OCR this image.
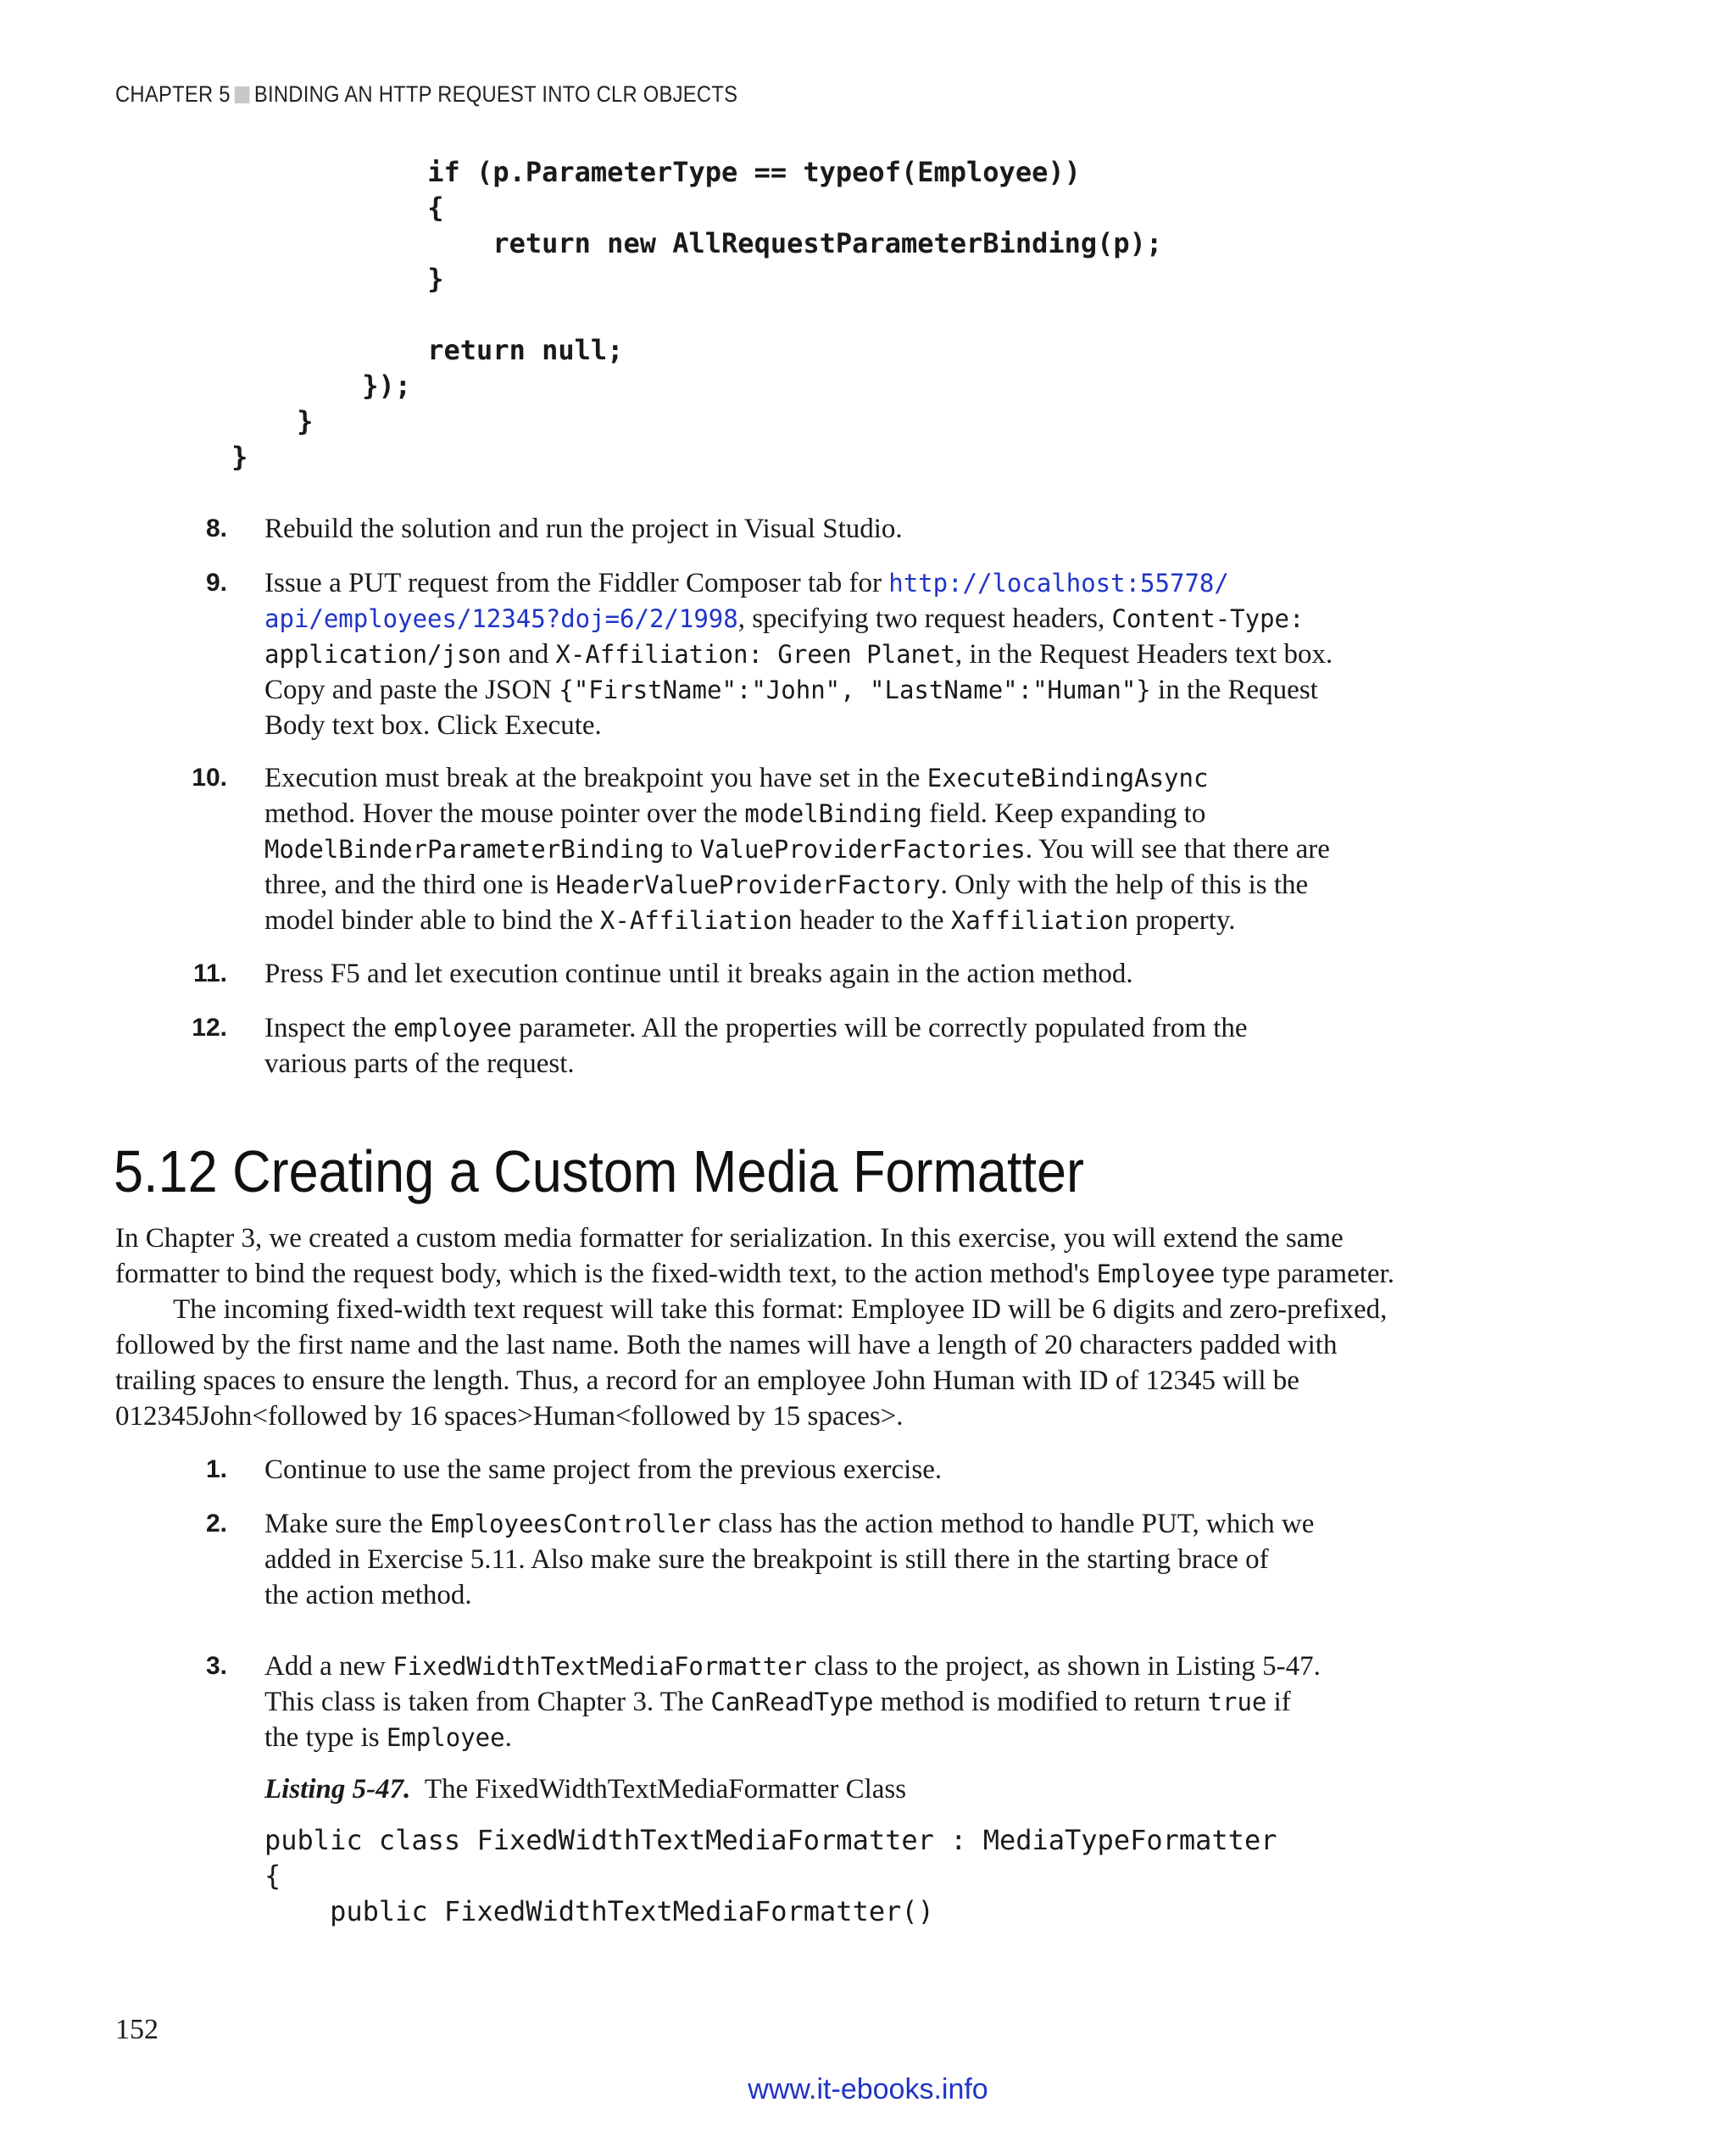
CHAPTER 5 BINDING AN HTTP REQUEST INTO CLR OBJECTS
if (p.ParameterType == typeof(Employee))
{
return new AllRequestParameterBinding(p);
}
return null;
});
}
}
8. Rebuild the solution and run the project in Visual Studio.
9. Issue a PUT request from the Fiddler Composer tab for http://localhost:55778/
api/employees/12345?doj=6/2/1998, specifying two request headers, Content-Type:
application/json and X-Affiliation: Green Planet, in the Request Headers text box.
Copy and paste the JSON {"FirstName":"John", "LastName":"Human"} in the Request
Body text box. Click Execute.
10. Execution must break at the breakpoint you have set in the ExecuteBindingAsync
method. Hover the mouse pointer over the modelBinding field. Keep expanding to
ModelBinderParameterBinding to ValueProviderFactories. You will see that there are
three, and the third one is HeaderValueProviderFactory. Only with the help of this is the
model binder able to bind the X-Affiliation header to the Xaffiliation property.
11. Press F5 and let execution continue until it breaks again in the action method.
12. Inspect the employee parameter. All the properties will be correctly populated from the
various parts of the request.
5.12 Creating a Custom Media Formatter

In Chapter 3, we created a custom media formatter for serialization. In this exercise, you will extend the same
formatter to bind the request body, which is the fixed-width text, to the action method's Employee type parameter.

The incoming fixed-width text request will take this format: Employee ID will be 6 digits and zero-prefixed,
followed by the first name and the last name. Both the names will have a length of 20 characters padded with
trailing spaces to ensure the length. Thus, a record for an employee John Human with ID of 12345 will be
012345John<followed by 16 spaces>Human<followed by 15 spaces>.

1. Continue to use the same project from the previous exercise.
2. Make sure the EmployeesController class has the action method to handle PUT, which we
added in Exercise 5.11. Also make sure the breakpoint is still there in the starting brace of
the action method.
3. Add a new FixedWidthTextMediaFormatter class to the project, as shown in Listing 5-47.
This class is taken from Chapter 3. The CanReadType method is modified to return true if
the type is Employee.
Listing 5-47. The FixedWidthTextMediaFormatter Class
public class FixedWidthTextMediaFormatter : MediaTypeFormatter
{
public FixedWidthTextMediaFormatter()
152
www.it-ebooks.info
